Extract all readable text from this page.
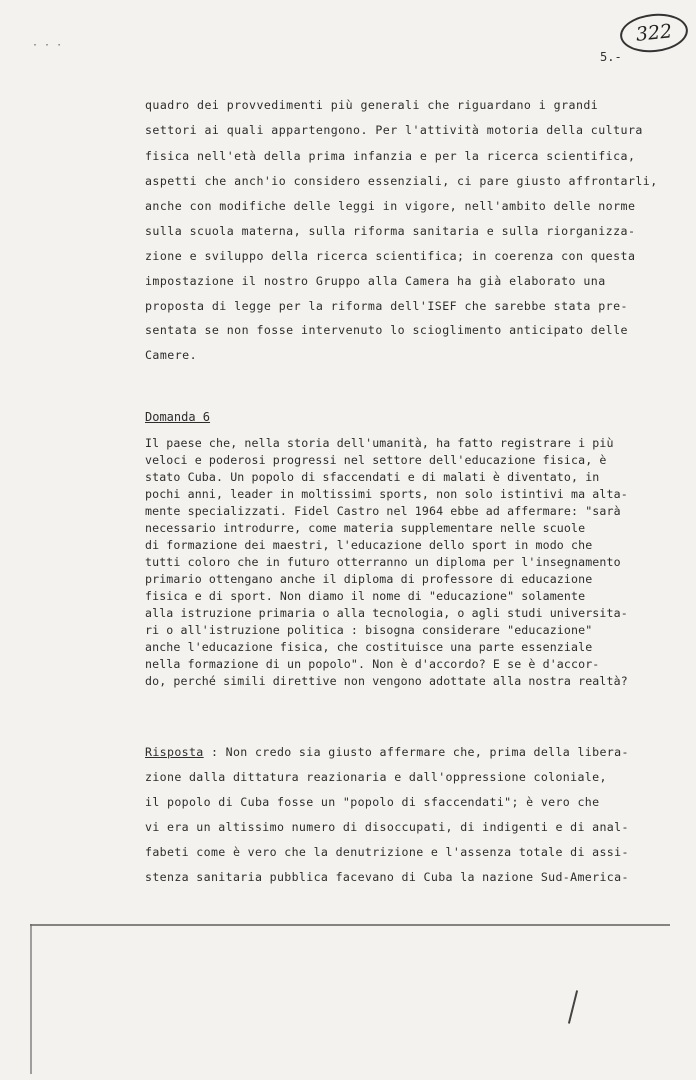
· · ·	322
5.-
quadro dei provvedimenti più generali che riguardano i grandi
settori ai quali appartengono. Per l'attività motoria della cultura
fisica nell'età della prima infanzia e per la ricerca scientifica,
aspetti che anch'io considero essenziali, ci pare giusto affrontarli,
anche con modifiche delle leggi in vigore, nell'ambito delle norme
sulla scuola materna, sulla riforma sanitaria e sulla riorganizza-
zione e sviluppo della ricerca scientifica; in coerenza con questa
impostazione il nostro Gruppo alla Camera ha già elaborato una
proposta di legge per la riforma dell'ISEF che sarebbe stata pre-
sentata se non fosse intervenuto lo scioglimento anticipato delle
Camere.
Domanda 6
Il paese che, nella storia dell'umanità, ha fatto registrare i più
veloci e poderosi progressi nel settore dell'educazione fisica, è
stato Cuba. Un popolo di sfaccendati e di malati è diventato, in
pochi anni, leader in moltissimi sports, non solo istintivi ma alta-
mente specializzati. Fidel Castro nel 1964 ebbe ad affermare: "sarà
necessario introdurre, come materia supplementare nelle scuole
di formazione dei maestri, l'educazione dello sport in modo che
tutti coloro che in futuro otterranno un diploma per l'insegnamento
primario ottengano anche il diploma di professore di educazione
fisica e di sport. Non diamo il nome di "educazione" solamente
alla istruzione primaria o alla tecnologia, o agli studi universita-
ri o all'istruzione politica : bisogna considerare "educazione"
anche l'educazione fisica, che costituisce una parte essenziale
nella formazione di un popolo". Non è d'accordo? E se è d'accor-
do, perché simili direttive non vengono adottate alla nostra realtà?
Risposta : Non credo sia giusto affermare che, prima della libera-
zione dalla dittatura reazionaria e dall'oppressione coloniale,
il popolo di Cuba fosse un "popolo di sfaccendati"; è vero che
vi era un altissimo numero di disoccupati, di indigenti e di anal-
fabeti come è vero che la denutrizione e l'assenza totale di assi-
stenza sanitaria pubblica facevano di Cuba la nazione Sud-America-
